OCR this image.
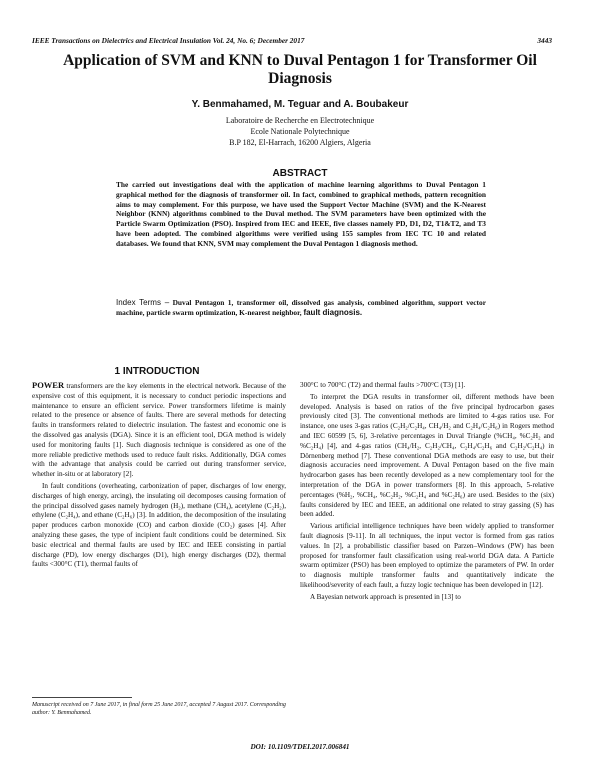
IEEE Transactions on Dielectrics and Electrical Insulation Vol. 24, No. 6; December 2017	3443
Application of SVM and KNN to Duval Pentagon 1 for Transformer Oil Diagnosis
Y. Benmahamed, M. Teguar and A. Boubakeur
Laboratoire de Recherche en Electrotechnique
Ecole Nationale Polytechnique
B.P 182, El-Harrach, 16200 Algiers, Algeria
ABSTRACT
The carried out investigations deal with the application of machine learning algorithms to Duval Pentagon 1 graphical method for the diagnosis of transformer oil. In fact, combined to graphical methods, pattern recognition aims to may complement. For this purpose, we have used the Support Vector Machine (SVM) and the K-Nearest Neighbor (KNN) algorithms combined to the Duval method. The SVM parameters have been optimized with the Particle Swarm Optimization (PSO). Inspired from IEC and IEEE, five classes namely PD, D1, D2, T1&T2, and T3 have been adopted. The combined algorithms were verified using 155 samples from IEC TC 10 and related databases. We found that KNN, SVM may complement the Duval Pentagon 1 diagnosis method.
Index Terms – Duval Pentagon 1, transformer oil, dissolved gas analysis, combined algorithm, support vector machine, particle swarm optimization, K-nearest neighbor, fault diagnosis.
1 INTRODUCTION

POWER transformers are the key elements in the electrical network. Because of the expensive cost of this equipment, it is necessary to conduct periodic inspections and maintenance to ensure an efficient service. Power transformers lifetime is mainly related to the presence or absence of faults. There are several methods for detecting faults in transformers related to dielectric insulation. The fastest and economic one is the dissolved gas analysis (DGA). Since it is an efficient tool, DGA method is widely used for monitoring faults [1]. Such diagnosis technique is considered as one of the more reliable predictive methods used to reduce fault risks. Additionally, DGA comes with the advantage that analysis could be carried out during transformer service, whether in-situ or at laboratory [2].

In fault conditions (overheating, carbonization of paper, discharges of low energy, discharges of high energy, arcing), the insulating oil decomposes causing formation of the principal dissolved gases namely hydrogen (H₂), methane (CH₄), acetylene (C₂H₂), ethylene (C₂H₄), and ethane (C₂H₆) [3]. In addition, the decomposition of the insulating paper produces carbon monoxide (CO) and carbon dioxide (CO₂) gases [4]. After analyzing these gases, the type of incipient fault conditions could be determined. Six basic electrical and thermal faults are used by IEC and IEEE consisting in partial discharge (PD), low energy discharges (D1), high energy discharges (D2), thermal faults <300°C (T1), thermal faults of

300°C to 700°C (T2) and thermal faults >700°C (T3) [1].

To interpret the DGA results in transformer oil, different methods have been developed. Analysis is based on ratios of the five principal hydrocarbon gases previously cited [3]. The conventional methods are limited to 4-gas ratios use. For instance, one uses 3-gas ratios (C₂H₂/C₂H₄, CH₄/H₂ and C₂H₄/C₂H₆) in Rogers method and IEC 60599 [5, 6], 3-relative percentages in Duval Triangle (%CH₄, %C₂H₂ and %C₂H₄) [4], and 4-gas ratios (CH₄/H₂, C₂H₂/CH₄, C₂H₄/C₂H₆ and C₂H₂/C₂H₄) in Dörnenberg method [7]. These conventional DGA methods are easy to use, but their diagnosis accuracies need improvement. A Duval Pentagon based on the five main hydrocarbon gases has been recently developed as a new complementary tool for the interpretation of the DGA in power transformers [8]. In this approach, 5-relative percentages (%H₂, %CH₄, %C₂H₂, %C₂H₄ and %C₂H₆) are used. Besides to the (six) faults considered by IEC and IEEE, an additional one related to stray gassing (S) has been added.

Various artificial intelligence techniques have been widely applied to transformer fault diagnosis [9-11]. In all techniques, the input vector is formed from gas ratios values. In [2], a probabilistic classifier based on Parzen–Windows (PW) has been proposed for transformer fault classification using real-world DGA data. A Particle swarm optimizer (PSO) has been employed to optimize the parameters of PW. In order to diagnosis multiple transformer faults and quantitatively indicate the likelihood/severity of each fault, a fuzzy logic technique has been developed in [12].

A Bayesian network approach is presented in [13] to

Manuscript received on 7 June 2017, in final form 25 June 2017, accepted 7 August 2017. Corresponding author: Y. Benmahamed.
DOI: 10.1109/TDEI.2017.006841
